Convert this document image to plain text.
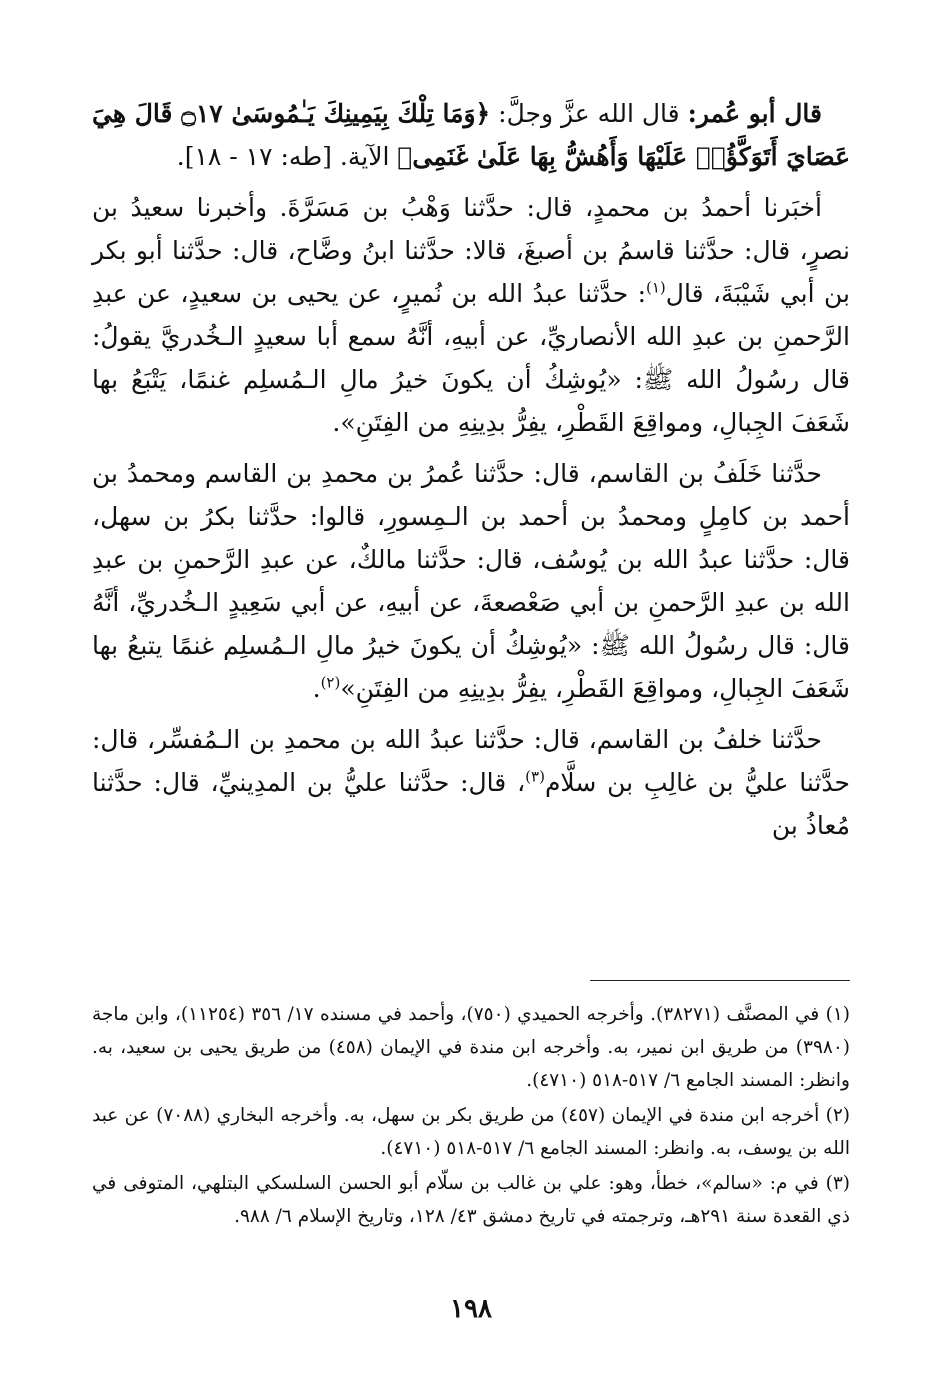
قال أبو عُمر: قال الله عزَّ وجلَّ: ﴿وَمَا تِلْكَ بِيَمِينِكَ يَـٰمُوسَىٰ ۝١٧ قَالَ هِيَ عَصَايَ أَتَوَكَّؤُا۟ عَلَيْهَا وَأَهُشُّ بِهَا عَلَىٰ غَنَمِى﴾ الآية. [طه: ١٧ - ١٨].

أخبَرنا أحمدُ بن محمدٍ، قال: حدَّثنا وَهْبُ بن مَسَرَّةَ. وأخبرنا سعيدُ بن نصرٍ، قال: حدَّثنا قاسمُ بن أصبغَ، قالا: حدَّثنا ابنُ وضَّاح، قال: حدَّثنا أبو بكر بن أبي شَيْبَةَ، قال$^{(١)}$: حدَّثنا عبدُ الله بن نُميرٍ، عن يحيى بن سعيدٍ، عن عبدِ الرَّحمنِ بن عبدِ الله الأنصاريِّ، عن أبيهِ، أنَّهُ سمع أبا سعيدٍ الـخُدريَّ يقولُ: قال رسُولُ الله ﷺ: «يُوشِكُ أن يكونَ خيرُ مالِ الـمُسلِم غنمًا، يَتْبَعُ بها شَعَفَ الجِبالِ، ومواقِعَ القَطْرِ، يفِرُّ بدِينِهِ من الفِتَنِ».

حدَّثنا خَلَفُ بن القاسم، قال: حدَّثنا عُمرُ بن محمدِ بن القاسم ومحمدُ بن أحمد بن كامِلٍ ومحمدُ بن أحمد بن الـمِسورِ، قالوا: حدَّثنا بكرُ بن سهل، قال: حدَّثنا عبدُ الله بن يُوسُف، قال: حدَّثنا مالكٌ، عن عبدِ الرَّحمنِ بن عبدِ الله بن عبدِ الرَّحمنِ بن أبي صَعْصعةَ، عن أبيهِ، عن أبي سَعِيدٍ الـخُدريِّ، أنَّهُ قال: قال رسُولُ الله ﷺ: «يُوشِكُ أن يكونَ خيرُ مالِ الـمُسلِم غنمًا يتبعُ بها شَعَفَ الجِبالِ، ومواقِعَ القَطْرِ، يفِرُّ بدِينِهِ من الفِتَنِ»$^{(٢)}$.

حدَّثنا خلفُ بن القاسم، قال: حدَّثنا عبدُ الله بن محمدِ بن الـمُفسِّر، قال: حدَّثنا عليُّ بن غالِبِ بن سلَّام$^{(٣)}$، قال: حدَّثنا عليُّ بن المدِينيِّ، قال: حدَّثنا مُعاذُ بن

(١) في المصنَّف (٣٨٢٧١). وأخرجه الحميدي (٧٥٠)، وأحمد في مسنده ١٧/ ٣٥٦ (١١٢٥٤)، وابن ماجة (٣٩٨٠) من طريق ابن نمير، به. وأخرجه ابن مندة في الإيمان (٤٥٨) من طريق يحيى بن سعيد، به. وانظر: المسند الجامع ٦/ ٥١٧-٥١٨ (٤٧١٠).

(٢) أخرجه ابن مندة في الإيمان (٤٥٧) من طريق بكر بن سهل، به. وأخرجه البخاري (٧٠٨٨) عن عبد الله بن يوسف، به. وانظر: المسند الجامع ٦/ ٥١٧-٥١٨ (٤٧١٠).

(٣) في م: «سالم»، خطأ، وهو: علي بن غالب بن سلّام أبو الحسن السلسكي البتلهي، المتوفى في ذي القعدة سنة ٢٩١هـ، وترجمته في تاريخ دمشق ٤٣/ ١٢٨، وتاريخ الإسلام ٦/ ٩٨٨.

١٩٨
